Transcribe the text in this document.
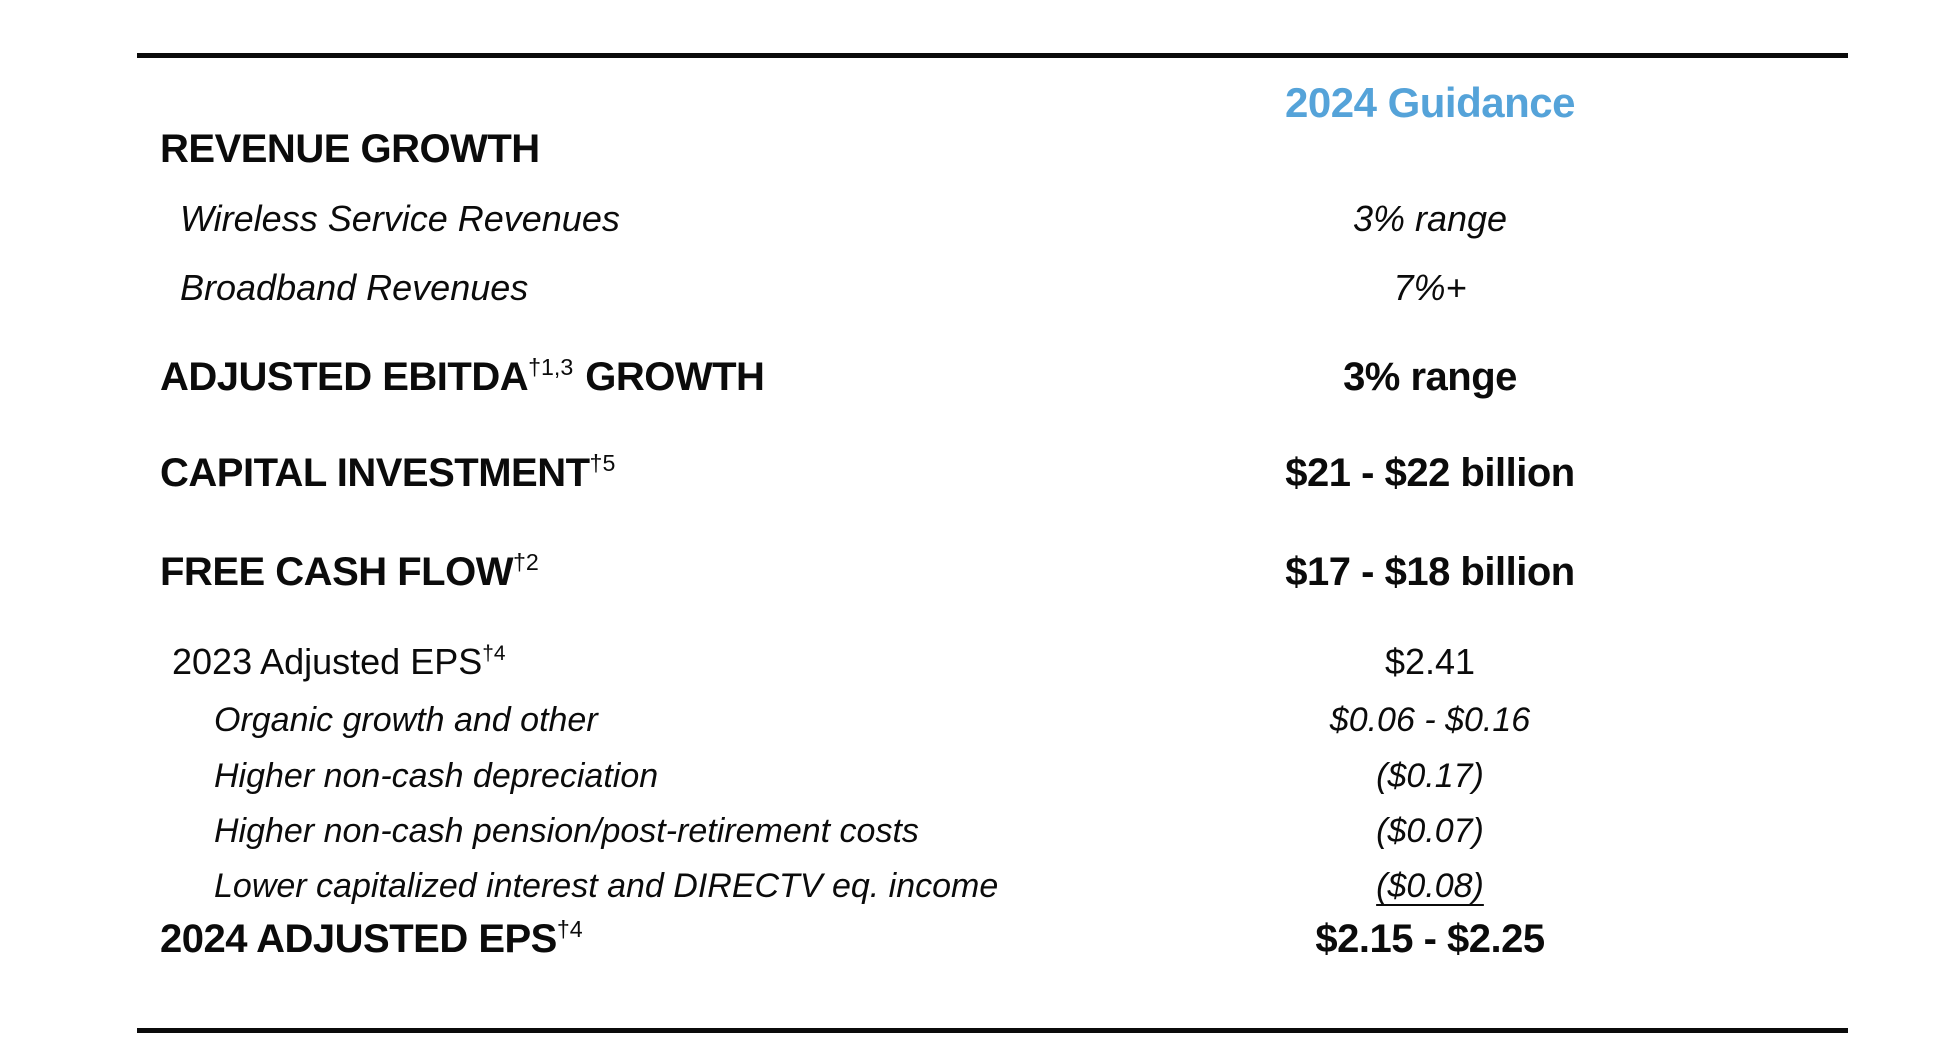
2024 Guidance
REVENUE GROWTH
Wireless Service Revenues	3% range
Broadband Revenues	7%+
ADJUSTED EBITDA$^{\dagger 1,3}$ GROWTH	3% range
CAPITAL INVESTMENT$^{\dagger 5}$	$21 - $22 billion
FREE CASH FLOW$^{\dagger 2}$	$17 - $18 billion
2023 Adjusted EPS$^{\dagger 4}$	$2.41
Organic growth and other	$0.06 - $0.16
Higher non-cash depreciation	($0.17)
Higher non-cash pension/post-retirement costs	($0.07)
Lower capitalized interest and DIRECTV eq. income	($0.08)
2024 ADJUSTED EPS$^{\dagger 4}$	$2.15 - $2.25
